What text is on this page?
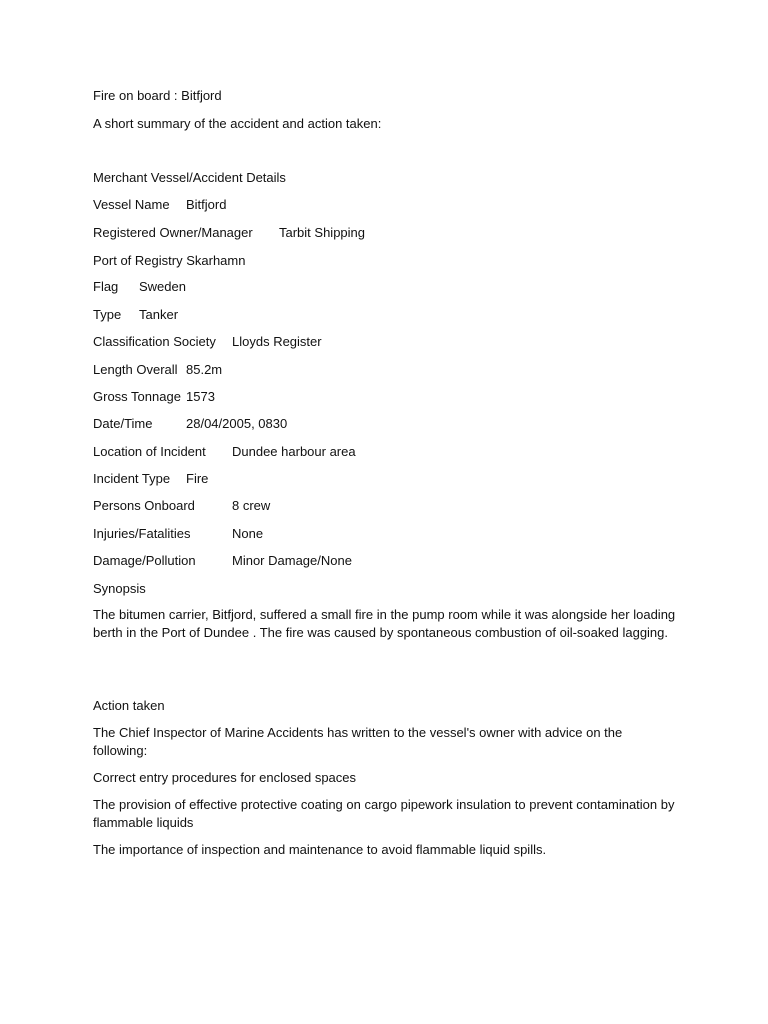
Fire on board : Bitfjord
A short summary of the accident and action taken:
Merchant Vessel/Accident Details
Vessel Name Bitfjord
Registered Owner/Manager Tarbit Shipping
Port of Registry Skarhamn
Flag Sweden
Type Tanker
Classification Society Lloyds Register
Length Overall 85.2m
Gross Tonnage 1573
Date/Time	28/04/2005, 0830
Location of Incident Dundee harbour area
Incident Type Fire
Persons Onboard	8 crew
Injuries/Fatalities	None
Damage/Pollution	Minor Damage/None
Synopsis
The bitumen carrier, Bitfjord, suffered a small fire in the pump room while it was alongside her loading berth in the Port of Dundee . The fire was caused by spontaneous combustion of oil-soaked lagging.
Action taken
The Chief Inspector of Marine Accidents has written to the vessel's owner with advice on the following:
Correct entry procedures for enclosed spaces
The provision of effective protective coating on cargo pipework insulation to prevent contamination by flammable liquids
The importance of inspection and maintenance to avoid flammable liquid spills.
